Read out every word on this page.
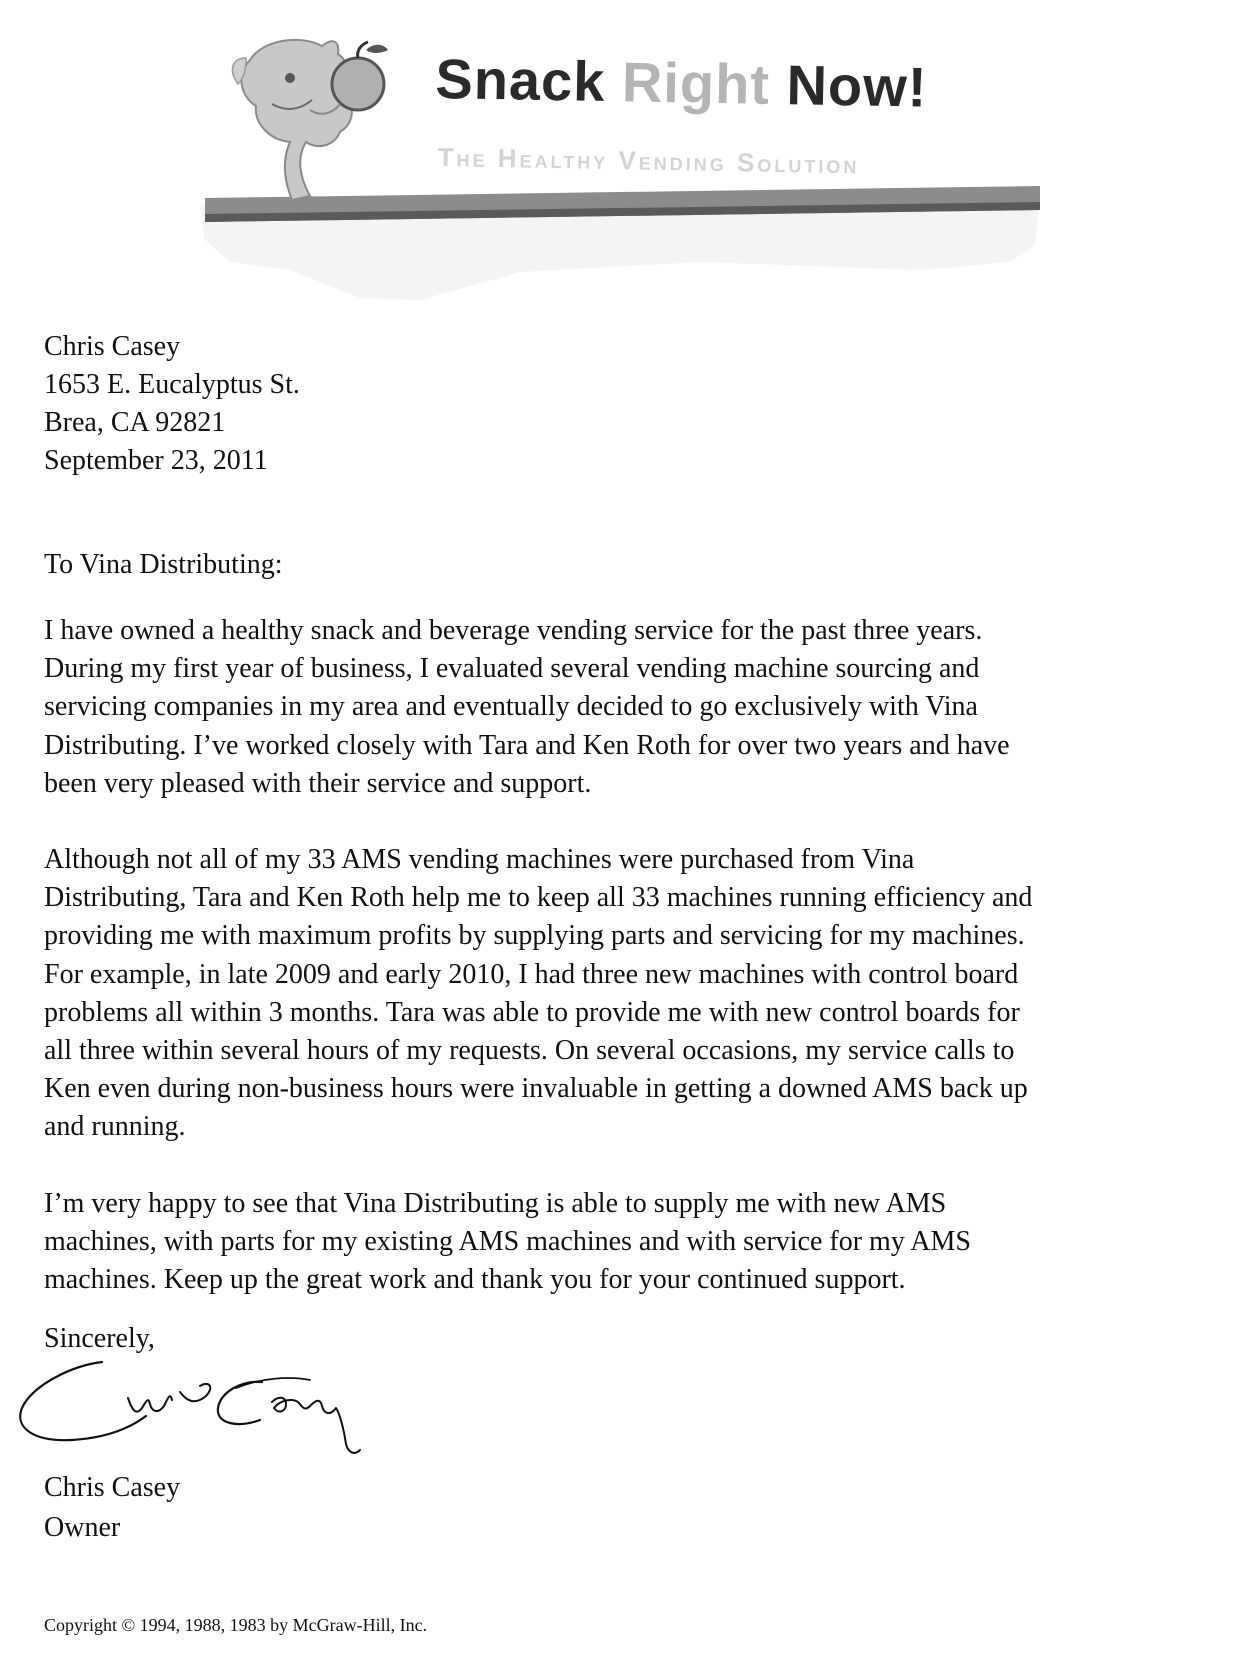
Snack Right Now!
The Healthy Vending Solution
Chris Casey
1653 E. Eucalyptus St.
Brea, CA 92821
September 23, 2011
To Vina Distributing:
I have owned a healthy snack and beverage vending service for the past three years.
During my first year of business, I evaluated several vending machine sourcing and
servicing companies in my area and eventually decided to go exclusively with Vina
Distributing. I’ve worked closely with Tara and Ken Roth for over two years and have
been very pleased with their service and support.
Although not all of my 33 AMS vending machines were purchased from Vina
Distributing, Tara and Ken Roth help me to keep all 33 machines running efficiency and
providing me with maximum profits by supplying parts and servicing for my machines.
For example, in late 2009 and early 2010, I had three new machines with control board
problems all within 3 months. Tara was able to provide me with new control boards for
all three within several hours of my requests. On several occasions, my service calls to
Ken even during non-business hours were invaluable in getting a downed AMS back up
and running.
I’m very happy to see that Vina Distributing is able to supply me with new AMS
machines, with parts for my existing AMS machines and with service for my AMS
machines. Keep up the great work and thank you for your continued support.
Sincerely,
Chris Casey
Owner
Copyright © 1994, 1988, 1983 by McGraw-Hill, Inc.
